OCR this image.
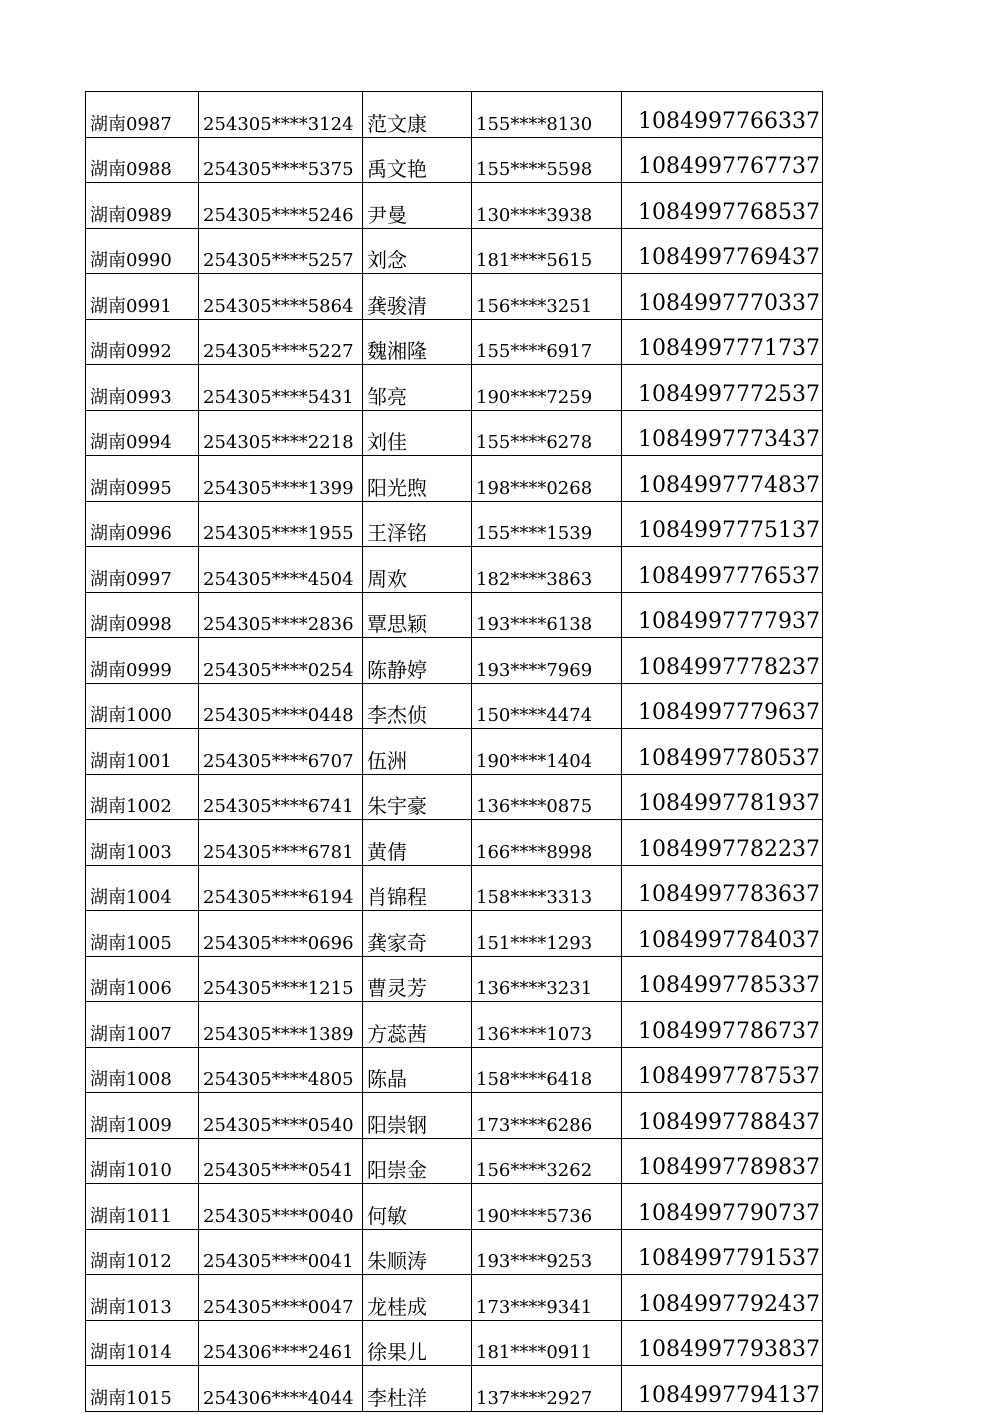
湖南0987	254305****3124	范文康	155****8130	1084997766337
湖南0988	254305****5375	禹文艳	155****5598	1084997767737
湖南0989	254305****5246	尹曼	130****3938	1084997768537
湖南0990	254305****5257	刘念	181****5615	1084997769437
湖南0991	254305****5864	龚骏清	156****3251	1084997770337
湖南0992	254305****5227	魏湘隆	155****6917	1084997771737
湖南0993	254305****5431	邹亮	190****7259	1084997772537
湖南0994	254305****2218	刘佳	155****6278	1084997773437
湖南0995	254305****1399	阳光煦	198****0268	1084997774837
湖南0996	254305****1955	王泽铭	155****1539	1084997775137
湖南0997	254305****4504	周欢	182****3863	1084997776537
湖南0998	254305****2836	覃思颖	193****6138	1084997777937
湖南0999	254305****0254	陈静婷	193****7969	1084997778237
湖南1000	254305****0448	李杰侦	150****4474	1084997779637
湖南1001	254305****6707	伍洲	190****1404	1084997780537
湖南1002	254305****6741	朱宇豪	136****0875	1084997781937
湖南1003	254305****6781	黄倩	166****8998	1084997782237
湖南1004	254305****6194	肖锦程	158****3313	1084997783637
湖南1005	254305****0696	龚家奇	151****1293	1084997784037
湖南1006	254305****1215	曹灵芳	136****3231	1084997785337
湖南1007	254305****1389	方蕊茜	136****1073	1084997786737
湖南1008	254305****4805	陈晶	158****6418	1084997787537
湖南1009	254305****0540	阳崇钢	173****6286	1084997788437
湖南1010	254305****0541	阳崇金	156****3262	1084997789837
湖南1011	254305****0040	何敏	190****5736	1084997790737
湖南1012	254305****0041	朱顺涛	193****9253	1084997791537
湖南1013	254305****0047	龙桂成	173****9341	1084997792437
湖南1014	254306****2461	徐果儿	181****0911	1084997793837
湖南1015	254306****4044	李杜洋	137****2927	1084997794137
